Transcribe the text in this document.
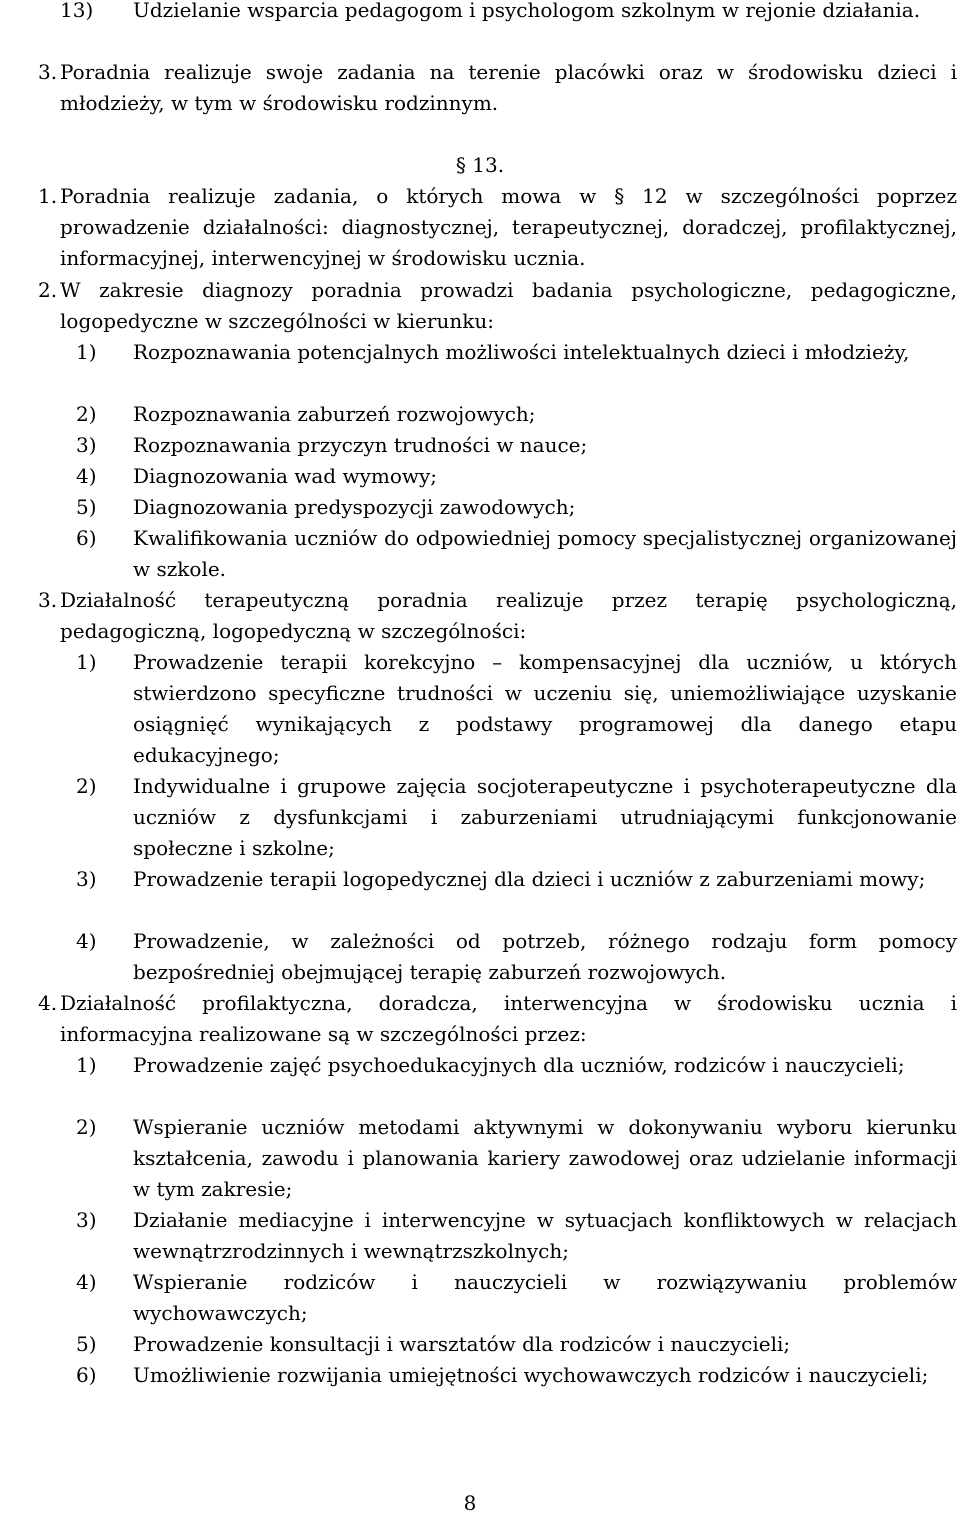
13) Udzielanie wsparcia pedagogom i psychologom szkolnym w rejonie działania.

3. Poradnia realizuje swoje zadania na terenie placówki oraz w środowisku dzieci i młodzieży, w tym w środowisku rodzinnym.

§ 13.
1. Poradnia realizuje zadania, o których mowa w § 12 w szczególności poprzez prowadzenie działalności: diagnostycznej, terapeutycznej, doradczej, profilaktycznej, informacyjnej, interwencyjnej w środowisku ucznia.

2. W zakresie diagnozy poradnia prowadzi badania psychologiczne, pedagogiczne, logopedyczne w szczególności w kierunku:

1) Rozpoznawania potencjalnych możliwości intelektualnych dzieci i młodzieży,

2) Rozpoznawania zaburzeń rozwojowych;

3) Rozpoznawania przyczyn trudności w nauce;

4) Diagnozowania wad wymowy;

5) Diagnozowania predyspozycji zawodowych;

6) Kwalifikowania uczniów do odpowiedniej pomocy specjalistycznej organizowanej w szkole.

3. Działalność terapeutyczną poradnia realizuje przez terapię psychologiczną, pedagogiczną, logopedyczną w szczególności:

1) Prowadzenie terapii korekcyjno – kompensacyjnej dla uczniów, u których stwierdzono specyficzne trudności w uczeniu się, uniemożliwiające uzyskanie osiągnięć wynikających z podstawy programowej dla danego etapu edukacyjnego;

2) Indywidualne i grupowe zajęcia socjoterapeutyczne i psychoterapeutyczne dla uczniów z dysfunkcjami i zaburzeniami utrudniającymi funkcjonowanie społeczne i szkolne;

3) Prowadzenie terapii logopedycznej dla dzieci i uczniów z zaburzeniami mowy;

4) Prowadzenie, w zależności od potrzeb, różnego rodzaju form pomocy bezpośredniej obejmującej terapię zaburzeń rozwojowych.

4. Działalność profilaktyczna, doradcza, interwencyjna w środowisku ucznia i informacyjna realizowane są w szczególności przez:

1) Prowadzenie zajęć psychoedukacyjnych dla uczniów, rodziców i nauczycieli;

2) Wspieranie uczniów metodami aktywnymi w dokonywaniu wyboru kierunku kształcenia, zawodu i planowania kariery zawodowej oraz udzielanie informacji w tym zakresie;

3) Działanie mediacyjne i interwencyjne w sytuacjach konfliktowych w relacjach wewnątrzrodzinnych i wewnątrzszkolnych;

4) Wspieranie rodziców i nauczycieli w rozwiązywaniu problemów wychowawczych;

5) Prowadzenie konsultacji i warsztatów dla rodziców i nauczycieli;

6) Umożliwienie rozwijania umiejętności wychowawczych rodziców i nauczycieli;

8
